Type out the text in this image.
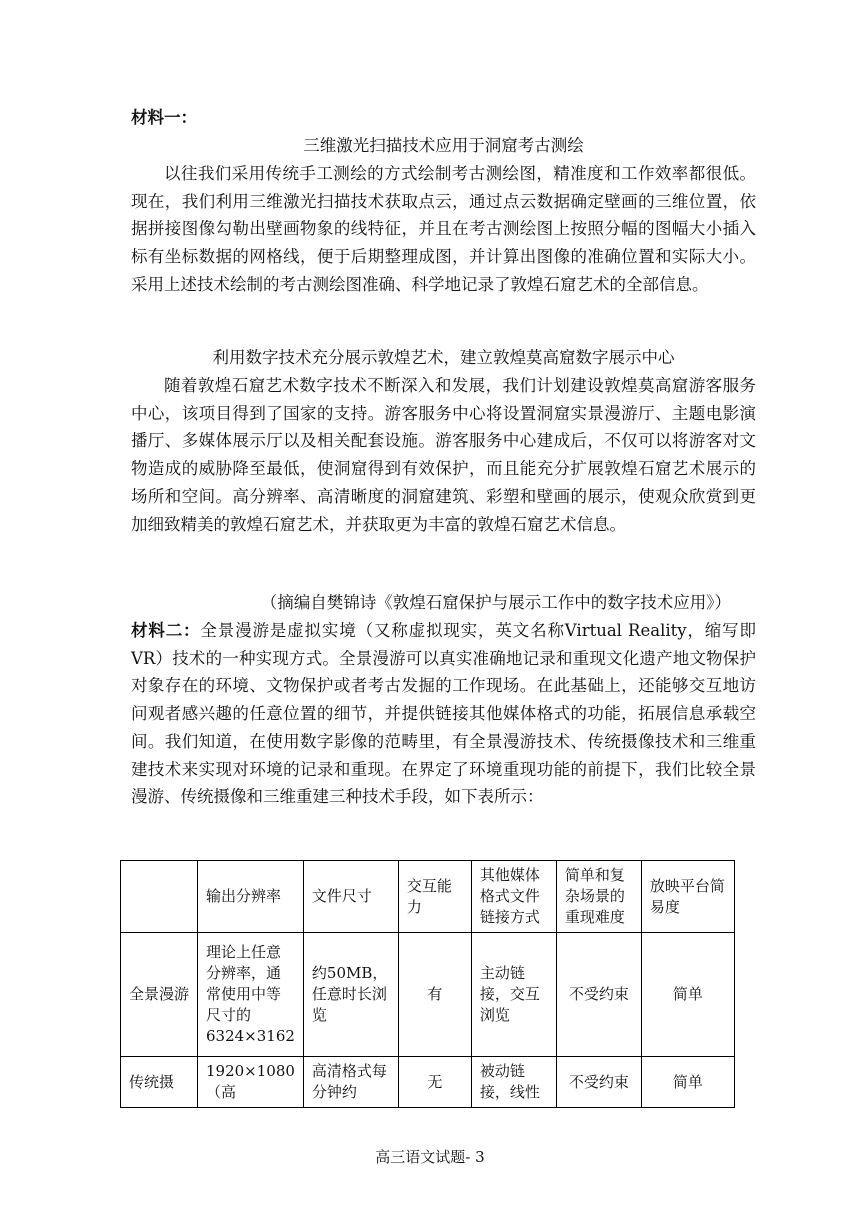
材料一：
三维激光扫描技术应用于洞窟考古测绘

以往我们采用传统手工测绘的方式绘制考古测绘图，精准度和工作效率都很低。现在，我们利用三维激光扫描技术获取点云，通过点云数据确定壁画的三维位置，依据拼接图像勾勒出壁画物象的线特征，并且在考古测绘图上按照分幅的图幅大小插入标有坐标数据的网格线，便于后期整理成图，并计算出图像的准确位置和实际大小。采用上述技术绘制的考古测绘图准确、科学地记录了敦煌石窟艺术的全部信息。

利用数字技术充分展示敦煌艺术，建立敦煌莫高窟数字展示中心

随着敦煌石窟艺术数字技术不断深入和发展，我们计划建设敦煌莫高窟游客服务中心，该项目得到了国家的支持。游客服务中心将设置洞窟实景漫游厅、主题电影演播厅、多媒体展示厅以及相关配套设施。游客服务中心建成后，不仅可以将游客对文物造成的威胁降至最低，使洞窟得到有效保护，而且能充分扩展敦煌石窟艺术展示的场所和空间。高分辨率、高清晰度的洞窟建筑、彩塑和壁画的展示，使观众欣赏到更加细致精美的敦煌石窟艺术，并获取更为丰富的敦煌石窟艺术信息。

（摘编自樊锦诗《敦煌石窟保护与展示工作中的数字技术应用》）

材料二：全景漫游是虚拟实境（又称虚拟现实，英文名称Virtual Reality，缩写即VR）技术的一种实现方式。全景漫游可以真实准确地记录和重现文化遗产地文物保护对象存在的环境、文物保护或者考古发掘的工作现场。在此基础上，还能够交互地访问观者感兴趣的任意位置的细节，并提供链接其他媒体格式的功能，拓展信息承载空间。我们知道，在使用数字影像的范畴里，有全景漫游技术、传统摄像技术和三维重建技术来实现对环境的记录和重现。在界定了环境重现功能的前提下，我们比较全景漫游、传统摄像和三维重建三种技术手段，如下表所示：

	输出分辨率	文件尺寸	交互能力	其他媒体格式文件链接方式	简单和复杂场景的重现难度	放映平台简易度
全景漫游	理论上任意分辨率，通常使用中等尺寸的6324×3162	约50MB，任意时长浏览	有	主动链接，交互浏览	不受约束	简单
传统摄	1920×1080（高	高清格式每分钟约	无	被动链接，线性	不受约束	简单
高三语文试题- 3
